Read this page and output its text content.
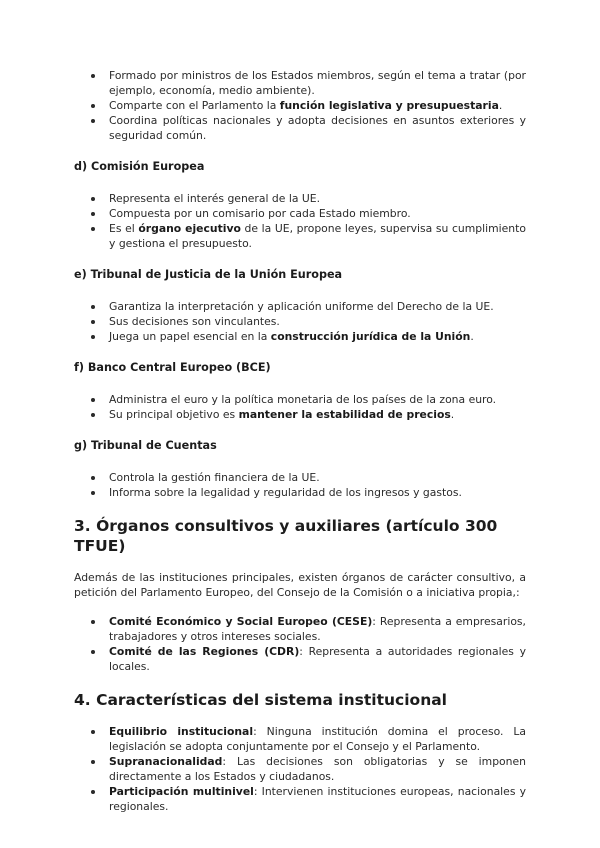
Formado por ministros de los Estados miembros, según el tema a tratar (por ejemplo, economía, medio ambiente).
Comparte con el Parlamento la función legislativa y presupuestaria.
Coordina políticas nacionales y adopta decisiones en asuntos exteriores y seguridad común.
d) Comisión Europea
Representa el interés general de la UE.
Compuesta por un comisario por cada Estado miembro.
Es el órgano ejecutivo de la UE, propone leyes, supervisa su cumplimiento y gestiona el presupuesto.
e) Tribunal de Justicia de la Unión Europea
Garantiza la interpretación y aplicación uniforme del Derecho de la UE.
Sus decisiones son vinculantes.
Juega un papel esencial en la construcción jurídica de la Unión.
f) Banco Central Europeo (BCE)
Administra el euro y la política monetaria de los países de la zona euro.
Su principal objetivo es mantener la estabilidad de precios.
g) Tribunal de Cuentas
Controla la gestión financiera de la UE.
Informa sobre la legalidad y regularidad de los ingresos y gastos.
3. Órganos consultivos y auxiliares (artículo 300 TFUE)

Además de las instituciones principales, existen órganos de carácter consultivo, a petición del Parlamento Europeo, del Consejo de la Comisión o a iniciativa propia,:

Comité Económico y Social Europeo (CESE): Representa a empresarios, trabajadores y otros intereses sociales.
Comité de las Regiones (CDR): Representa a autoridades regionales y locales.
4. Características del sistema institucional
Equilibrio institucional: Ninguna institución domina el proceso. La legislación se adopta conjuntamente por el Consejo y el Parlamento.
Supranacionalidad: Las decisiones son obligatorias y se imponen directamente a los Estados y ciudadanos.
Participación multinivel: Intervienen instituciones europeas, nacionales y regionales.
